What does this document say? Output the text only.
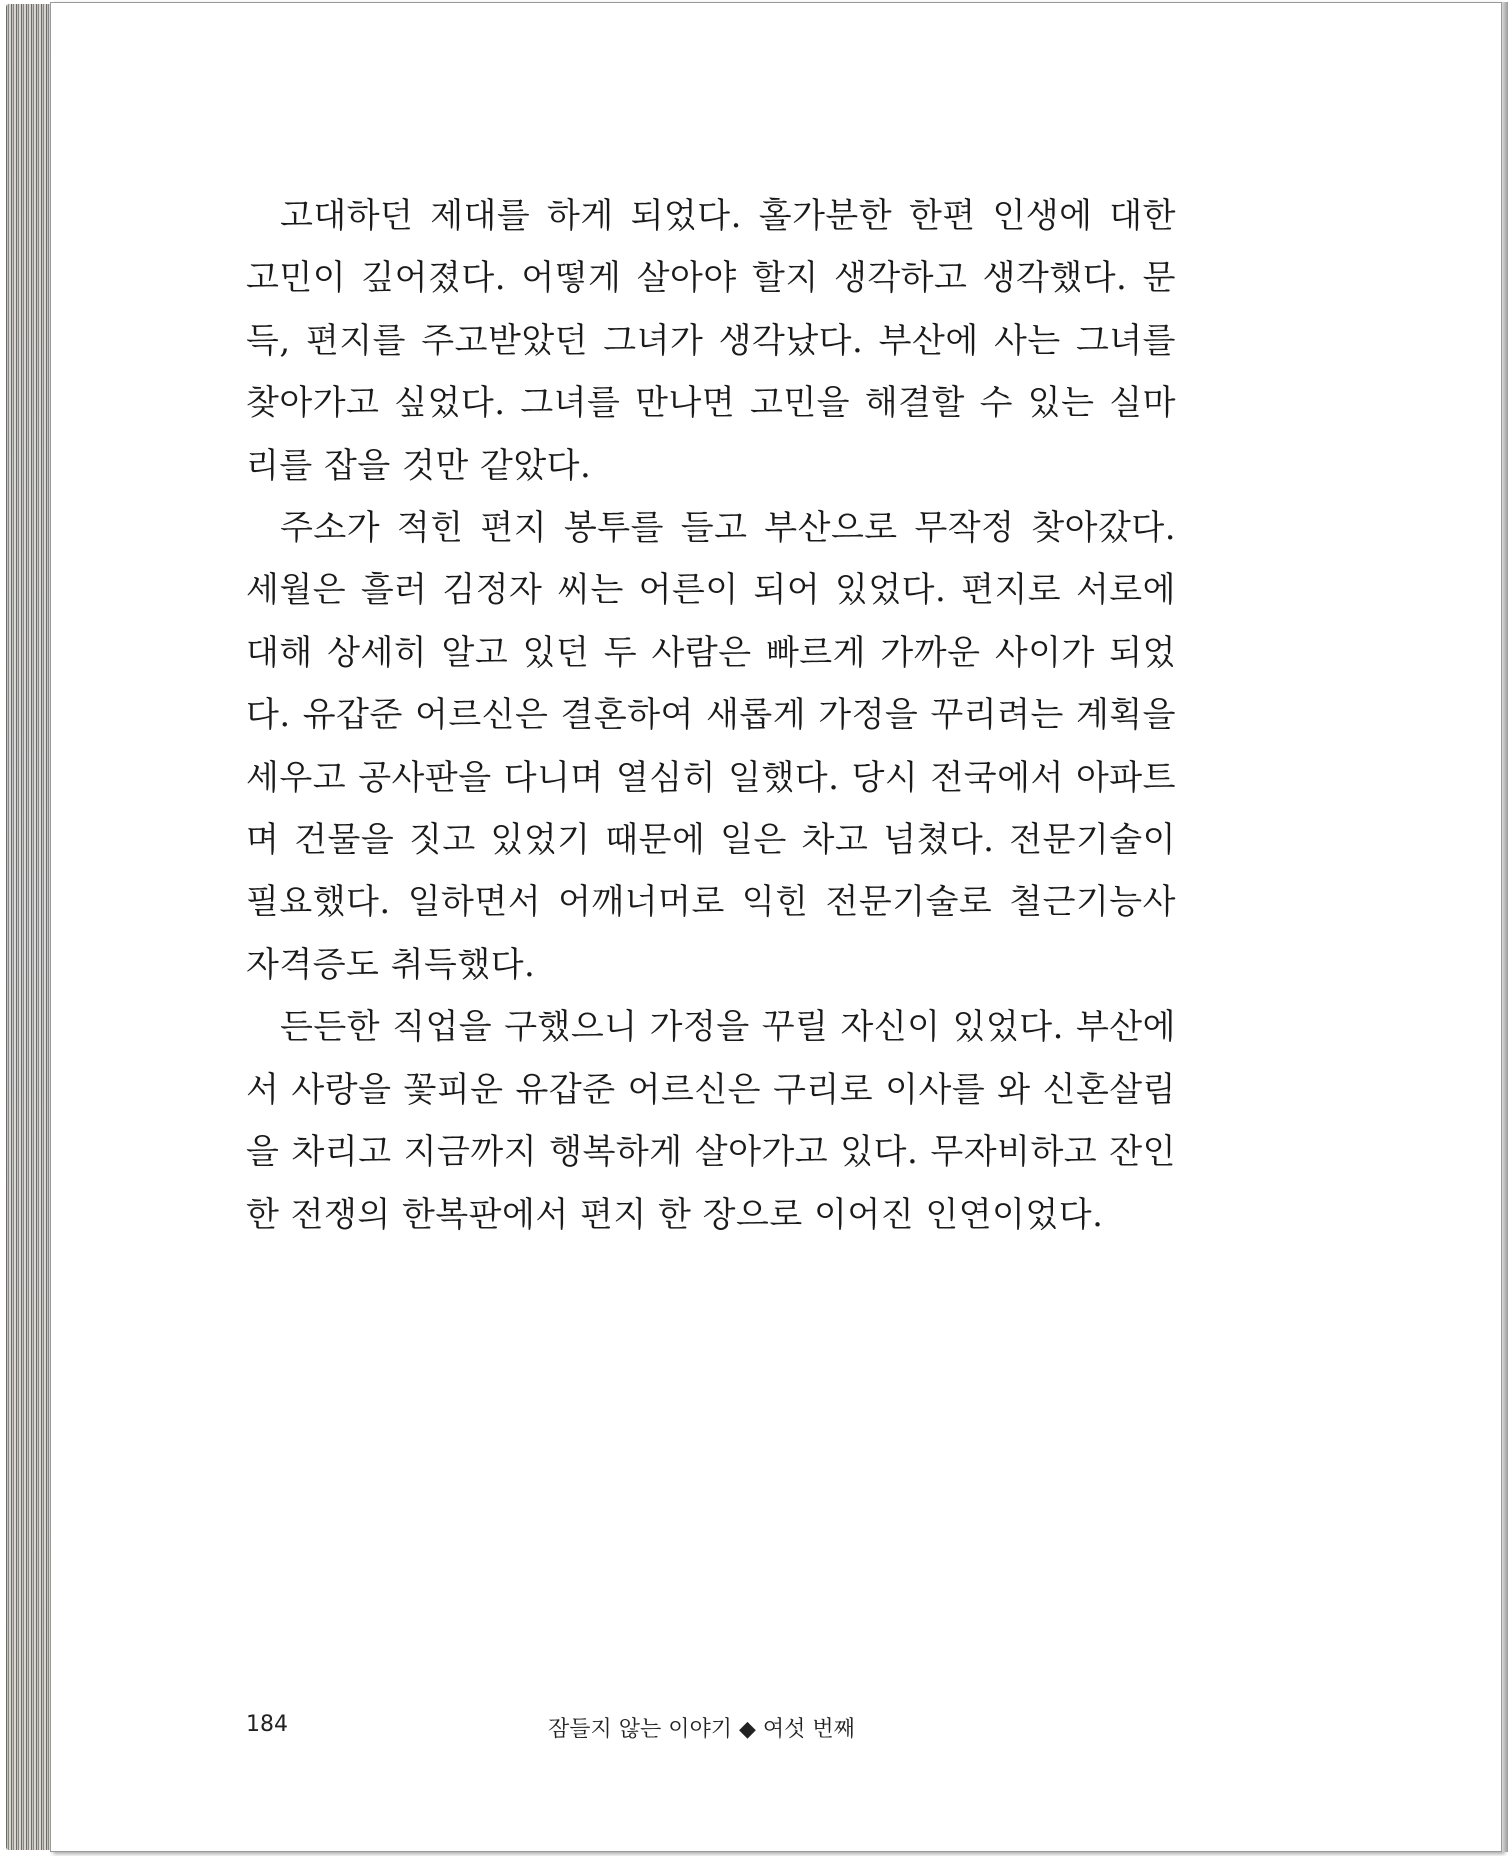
고대하던 제대를 하게 되었다. 홀가분한 한편 인생에 대한 고민이 깊어졌다. 어떻게 살아야 할지 생각하고 생각했다. 문득, 편지를 주고받았던 그녀가 생각났다. 부산에 사는 그녀를 찾아가고 싶었다. 그녀를 만나면 고민을 해결할 수 있는 실마리를 잡을 것만 같았다.

주소가 적힌 편지 봉투를 들고 부산으로 무작정 찾아갔다. 세월은 흘러 김정자 씨는 어른이 되어 있었다. 편지로 서로에 대해 상세히 알고 있던 두 사람은 빠르게 가까운 사이가 되었다. 유갑준 어르신은 결혼하여 새롭게 가정을 꾸리려는 계획을 세우고 공사판을 다니며 열심히 일했다. 당시 전국에서 아파트며 건물을 짓고 있었기 때문에 일은 차고 넘쳤다. 전문기술이 필요했다. 일하면서 어깨너머로 익힌 전문기술로 철근기능사 자격증도 취득했다.

든든한 직업을 구했으니 가정을 꾸릴 자신이 있었다. 부산에서 사랑을 꽃피운 유갑준 어르신은 구리로 이사를 와 신혼살림을 차리고 지금까지 행복하게 살아가고 있다. 무자비하고 잔인한 전쟁의 한복판에서 편지 한 장으로 이어진 인연이었다.

184	잠들지 않는 이야기 ◆ 여섯 번째
